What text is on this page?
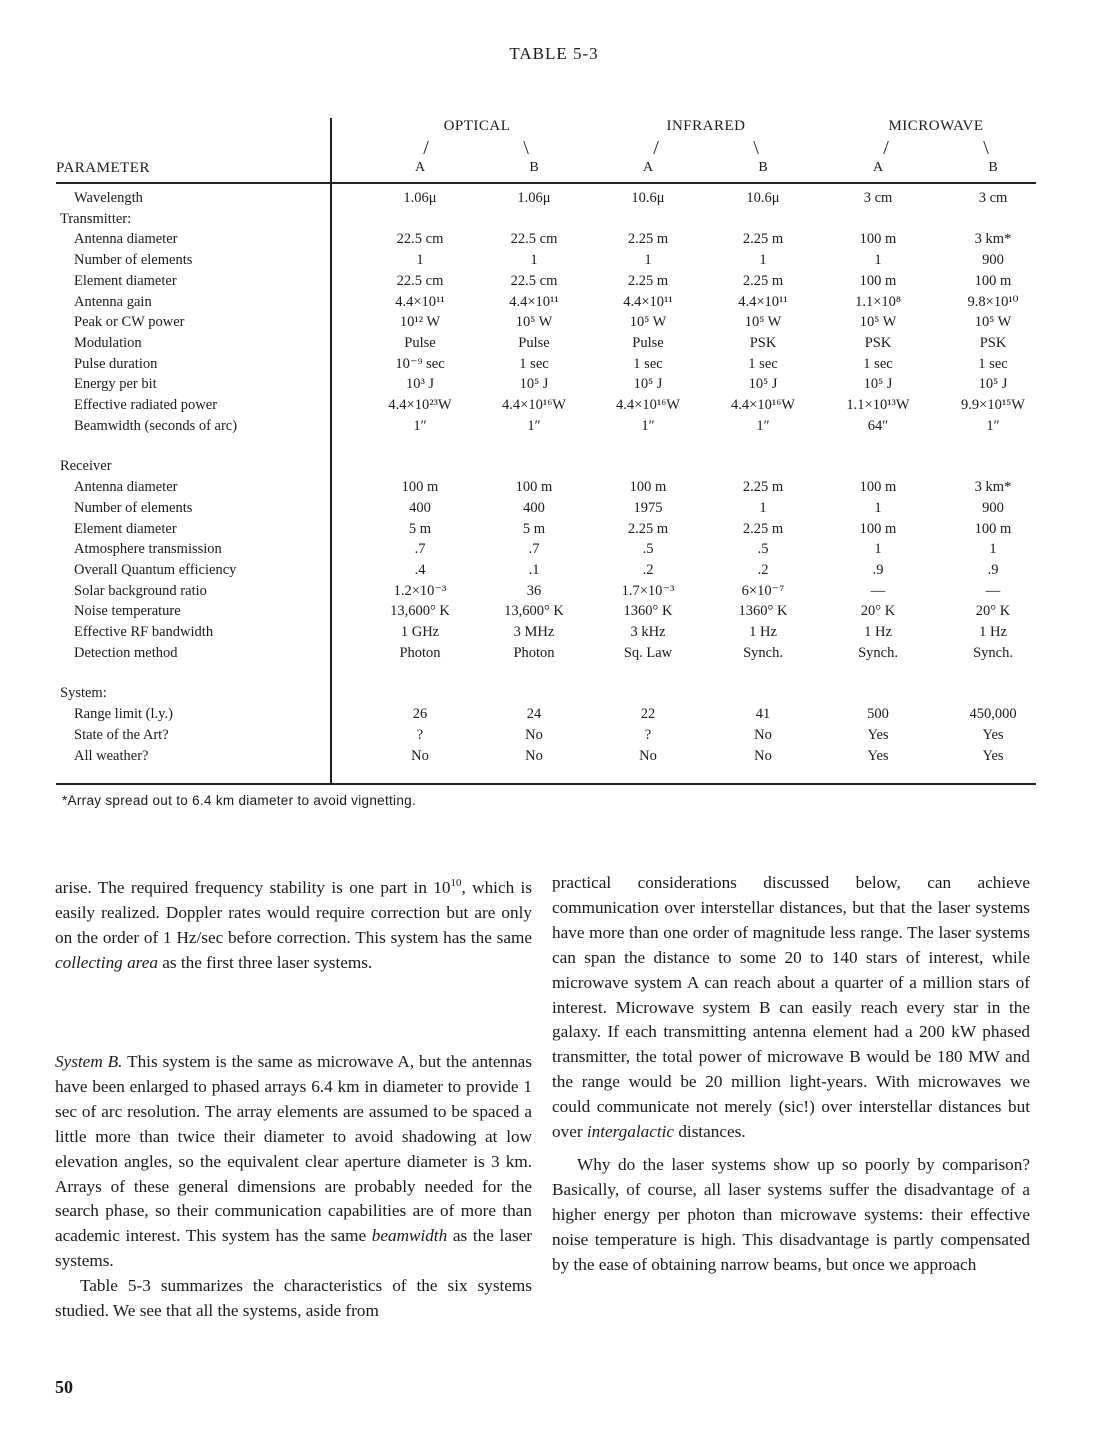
TABLE 5-3
OPTICAL	INFRARED	MICROWAVE
/	\	/	\	/	\
PARAMETER	A	B	A	B	A	B
Wavelength	1.06μ	1.06μ	10.6μ	10.6μ	3 cm	3 cm
Transmitter:
Antenna diameter	22.5 cm	22.5 cm	2.25 m	2.25 m	100 m	3 km*
Number of elements	1	1	1	1	1	900
Element diameter	22.5 cm	22.5 cm	2.25 m	2.25 m	100 m	100 m
Antenna gain	4.4×10¹¹	4.4×10¹¹	4.4×10¹¹	4.4×10¹¹	1.1×10⁸	9.8×10¹⁰
Peak or CW power	10¹² W	10⁵ W	10⁵ W	10⁵ W	10⁵ W	10⁵ W
Modulation	Pulse	Pulse	Pulse	PSK	PSK	PSK
Pulse duration	10⁻⁹ sec	1 sec	1 sec	1 sec	1 sec	1 sec
Energy per bit	10³ J	10⁵ J	10⁵ J	10⁵ J	10⁵ J	10⁵ J
Effective radiated power	4.4×10²³W	4.4×10¹⁶W	4.4×10¹⁶W	4.4×10¹⁶W	1.1×10¹³W	9.9×10¹⁵W
Beamwidth (seconds of arc)	1″	1″	1″	1″	64″	1″
Receiver
Antenna diameter	100 m	100 m	100 m	2.25 m	100 m	3 km*
Number of elements	400	400	1975	1	1	900
Element diameter	5 m	5 m	2.25 m	2.25 m	100 m	100 m
Atmosphere transmission	.7	.7	.5	.5	1	1
Overall Quantum efficiency	.4	.1	.2	.2	.9	.9
Solar background ratio	1.2×10⁻³	36	1.7×10⁻³	6×10⁻⁷	—	—
Noise temperature	13,600° K	13,600° K	1360° K	1360° K	20° K	20° K
Effective RF bandwidth	1 GHz	3 MHz	3 kHz	1 Hz	1 Hz	1 Hz
Detection method	Photon	Photon	Sq. Law	Synch.	Synch.	Synch.
System:
Range limit (l.y.)	26	24	22	41	500	450,000
State of the Art?	?	No	?	No	Yes	Yes
All weather?	No	No	No	No	Yes	Yes
*Array spread out to 6.4 km diameter to avoid vignetting.

arise. The required frequency stability is one part in $10^{10}$, which is easily realized. Doppler rates would require correction but are only on the order of 1 Hz/sec before correction. This system has the same collecting area as the first three laser systems.

System B. This system is the same as microwave A, but the antennas have been enlarged to phased arrays 6.4 km in diameter to provide 1 sec of arc resolution. The array elements are assumed to be spaced a little more than twice their diameter to avoid shadowing at low elevation angles, so the equivalent clear aperture diameter is 3 km. Arrays of these general dimensions are probably needed for the search phase, so their communication capabilities are of more than academic interest. This system has the same beamwidth as the laser systems.

Table 5-3 summarizes the characteristics of the six systems studied. We see that all the systems, aside from

practical considerations discussed below, can achieve communication over interstellar distances, but that the laser systems have more than one order of magnitude less range. The laser systems can span the distance to some 20 to 140 stars of interest, while microwave system A can reach about a quarter of a million stars of interest. Microwave system B can easily reach every star in the galaxy. If each transmitting antenna element had a 200 kW phased transmitter, the total power of microwave B would be 180 MW and the range would be 20 million light-years. With microwaves we could communicate not merely (sic!) over interstellar distances but over intergalactic distances.

Why do the laser systems show up so poorly by comparison? Basically, of course, all laser systems suffer the disadvantage of a higher energy per photon than microwave systems: their effective noise temperature is high. This disadvantage is partly compensated by the ease of obtaining narrow beams, but once we approach

50
